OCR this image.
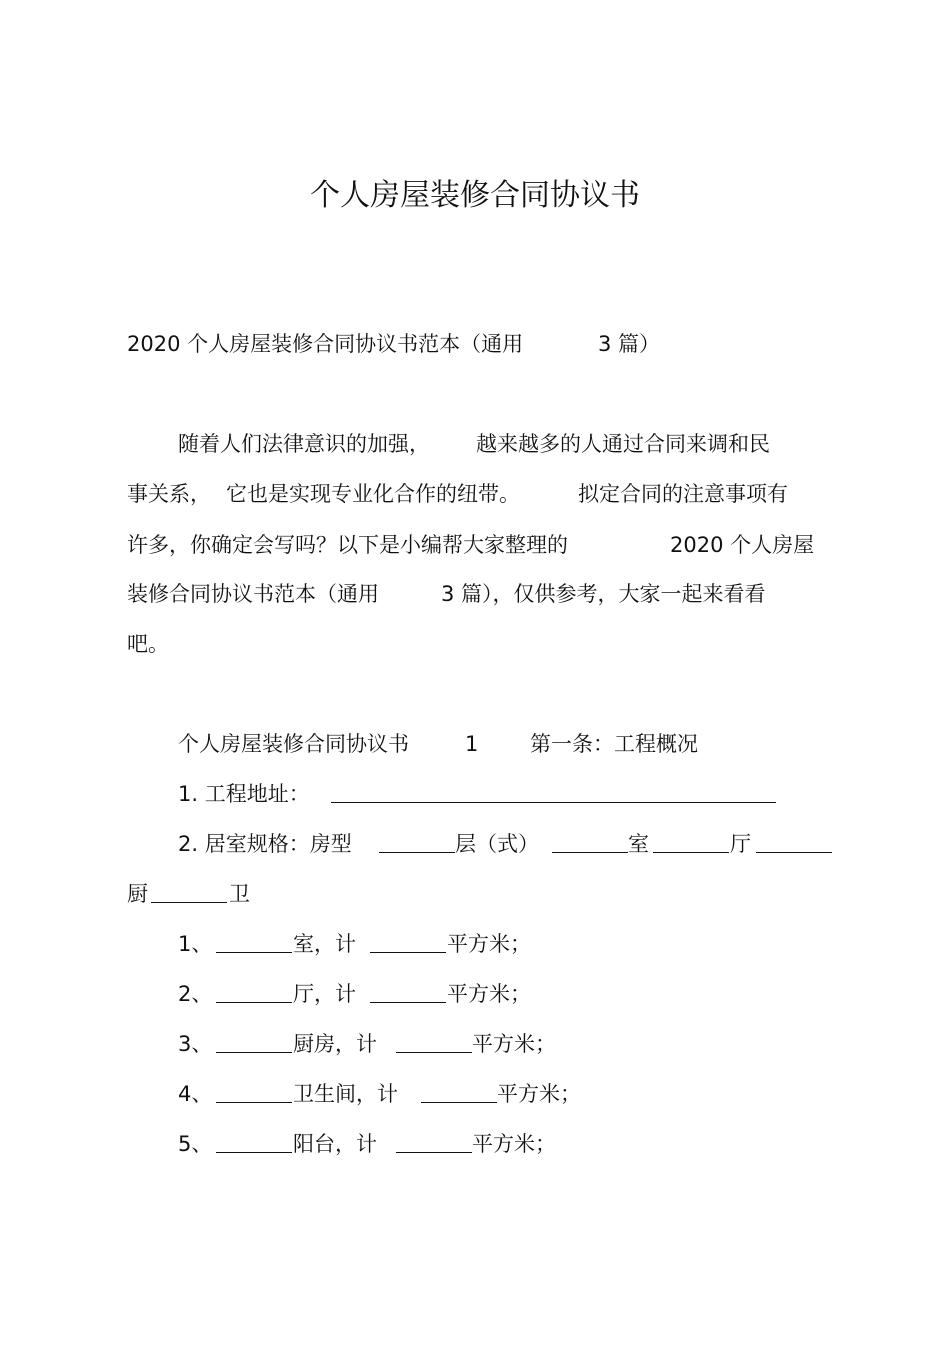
个人房屋装修合同协议书
2020 个人房屋装修合同协议书范本（通用	3 篇）
随着人们法律意识的加强， 越来越多的人通过合同来调和民
事关系， 它也是实现专业化合作的纽带。	拟定合同的注意事项有
许多，你确定会写吗？以下是小编帮大家整理的	2020 个人房屋
装修合同协议书范本（通用	3 篇），仅供参考，大家一起来看看
吧。
个人房屋装修合同协议书	1 第一条：工程概况
1. 工程地址：
2. 居室规格：房型	层（式）	室	厅
厨	卫
1、	室，计	平方米；
2、	厅，计	平方米；
3、	厨房，计	平方米；
4、	卫生间，计	平方米；
5、	阳台，计	平方米；
